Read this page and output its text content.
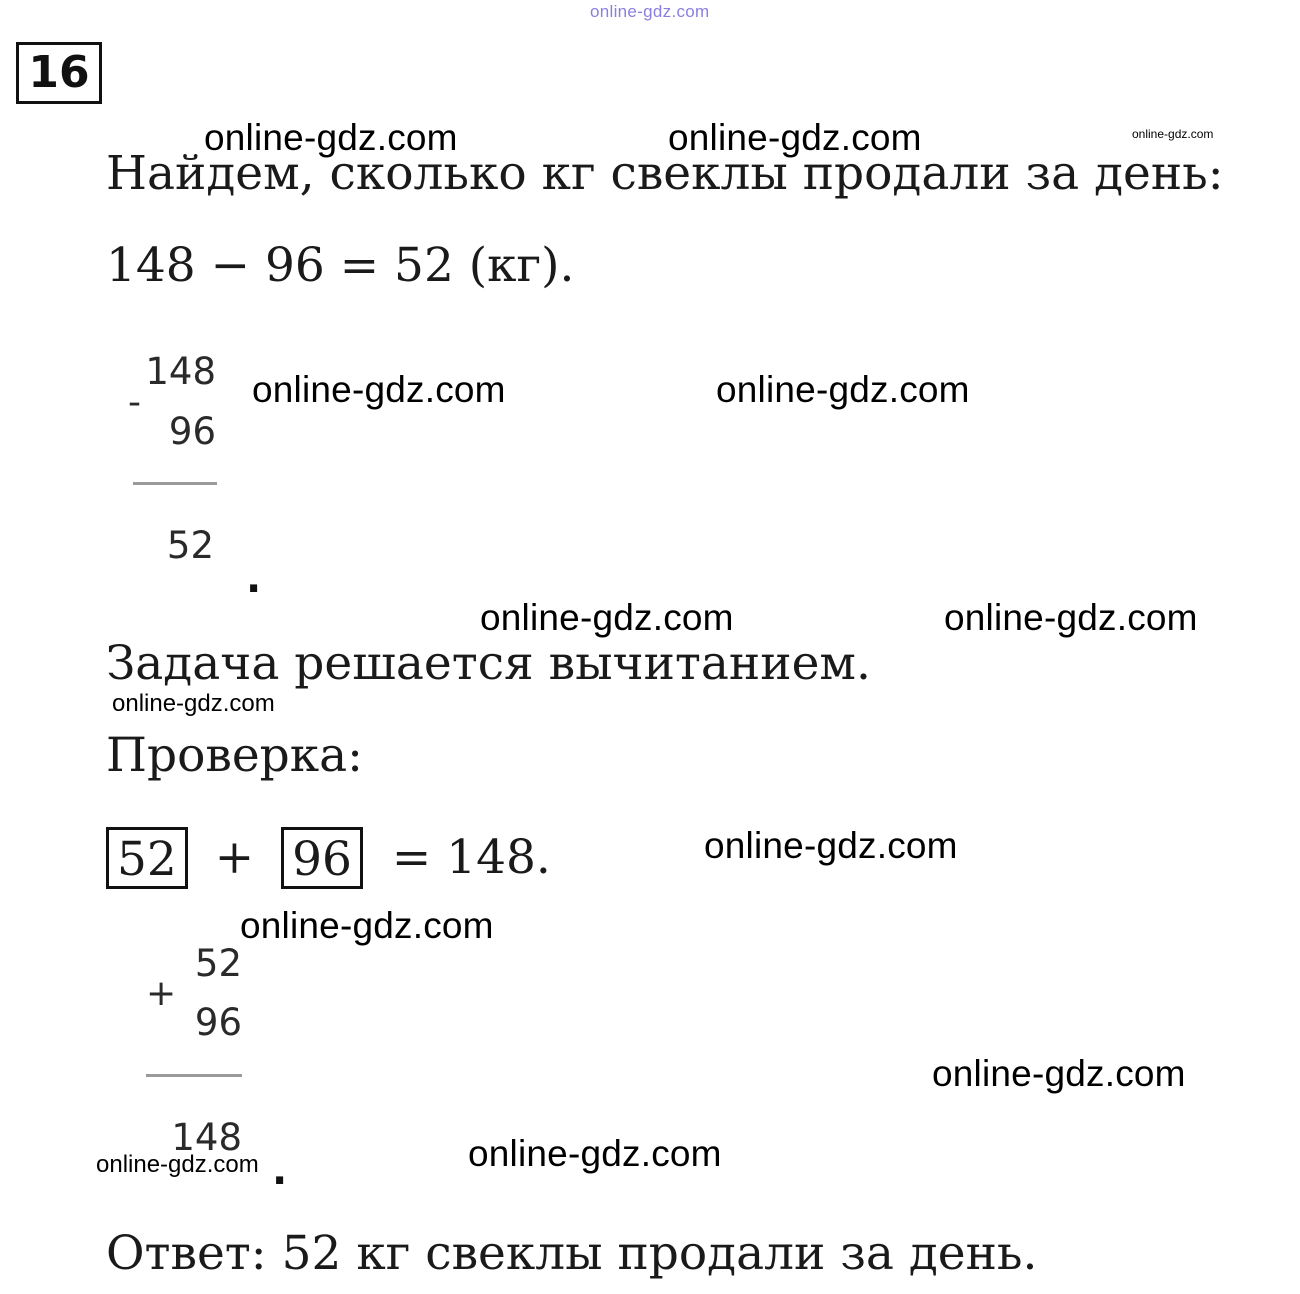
online-gdz.com
16
online-gdz.com	online-gdz.com	online-gdz.com
Найдем, сколько кг свеклы продали за день:
148 − 96 = 52 (кг).
148
-
96
52
.
online-gdz.com	online-gdz.com
online-gdz.com	online-gdz.com
Задача решается вычитанием.
online-gdz.com
Проверка:
52 + 96 = 148.	online-gdz.com
online-gdz.com
52
+
96
148
.
online-gdz.com
online-gdz.com	online-gdz.com
Ответ: 52 кг свеклы продали за день.
